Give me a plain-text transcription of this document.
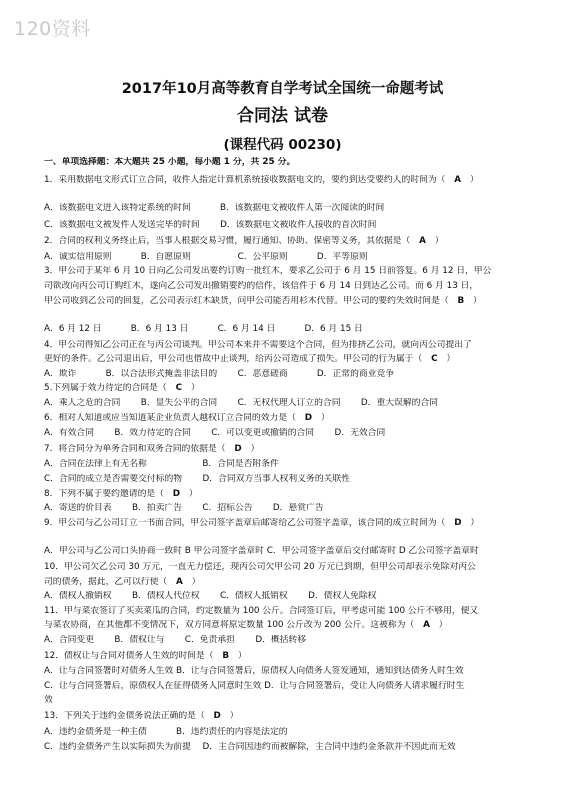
120资料
2017年10月高等教育自学考试全国统一命题考试
合同法 试卷
(课程代码 00230)
一、单项选择题：本大题共 25 小题，每小题 1 分，共 25 分。
1．采用数据电文形式订立合同，收件人指定计算机系统接收数据电文的，要约到达受要约人的时间为（　A　）
A．该数据电文进入该特定系统的时间　　　 B．该数据电文被收件人第一次阅读的时间
C．该数据电文被发件人发送完毕的时间　　 D．该数据电文被收件人接收的首次时间
2．合同的权利义务终止后，当事人根据交易习惯，履行通知、协助、保密等义务，其依据是（　A　）
A．诚实信用原则　　　 B．自愿原则　　　　　 C．公平原则　　　 D．平等原则
3．甲公司于某年 6 月 10 日向乙公司发出要约订购一批红木，要求乙公司于 6 月 15 日前答复。6 月 12 日，甲公
司欲改向丙公司订购红木，遂向乙公司发出撤销要约的信件，该信件于 6 月 14 日到达乙公司。而 6 月 13 日，
甲公司收到乙公司的回复，乙公司表示红木缺货，问甲公司能否用杉木代替。甲公司的要约失效时间是（　B　）
A．6 月 12 日　　　 B．6 月 13 日　　　 C．6 月 14 日　　　 D．6 月 15 日
4．甲公司得知乙公司正在与丙公司谈判。甲公司本来并不需要这个合同，但为排挤乙公司，就向丙公司提出了
更好的条件。乙公司退出后，甲公司也借故中止谈判，给丙公司造成了损失。甲公司的行为属于（　C　）
A．欺诈　　　 B．以合法形式掩盖非法目的　　 C．恶意磋商　　　 D．正常的商业竞争
5.下列属于效力待定的合同是（　C　）
A．乘人之危的合同　　 B．显失公平的合同　　 C．无权代理人订立的合同　　 D．重大误解的合同
6．相对人知道或应当知道某企业负责人越权订立合同的效力是（　D　）
A．有效合同　　 B．效力待定的合同　　 C．可以变更或撤销的合同　　 D．无效合同
7．将合同分为单务合同和双务合同的依据是（　D　）
A．合同在法律上有无名称　　　　　　 B．合同是否附条件
C．合同的成立是否需要交付标的物　　 D．合同双方当事人权利义务的关联性
8．下列不属于要约邀请的是（　D　）
A．寄送的价目表　　 B．拍卖广告　　 C．招标公告　　 D．悬赏广告
9．甲公司与乙公司订立一书面合同，甲公司签字盖章后邮寄给乙公司签字盖章，该合同的成立时间为（　D　）
A．甲公司与乙公司口头协商一致时 B 甲公司签字盖章时 C．甲公司签字盖章后交付邮寄时 D 乙公司签字盖章时
10．甲公司欠乙公司 30 万元，一直无力偿还，现丙公司欠甲公司 20 万元已到期，但甲公司却表示免除对丙公
司的债务，据此，乙可以行使（　A　）
A．债权人撤销权　　 B．债权人代位权　　 C．债权人抵销权　　 D．债权人免除权
11．甲与菜农签订了买卖菜瓜的合同，约定数量为 100 公斤。合同签订后，甲考虑可能 100 公斤不够用，便又
与菜农协商，在其他都不变情况下，双方同意将原定数量 100 公斤改为 200 公斤。这被称为（　A　）
A．合同变更　　 B．债权让与　　 C．免责承担　　 D．概括转移
12．债权让与合同对债务人生效的时间是（　B　）
A．让与合同签署时对债务人生效 B．让与合同签署后，原债权人向债务人签发通知，通知到达债务人时生效
C．让与合同签署后，原债权人在征得债务人同意时生效 D．让与合同签署后，受让人向债务人请求履行时生
效
13．下列关于违约金债务说法正确的是（　D　）
A．违约金债务是一种主债　　　 B．违约责任的内容是法定的
C．违约金债务产生以实际损失为前提　 D．主合同因违约而被解除，主合同中违约金条款并不因此而无效
